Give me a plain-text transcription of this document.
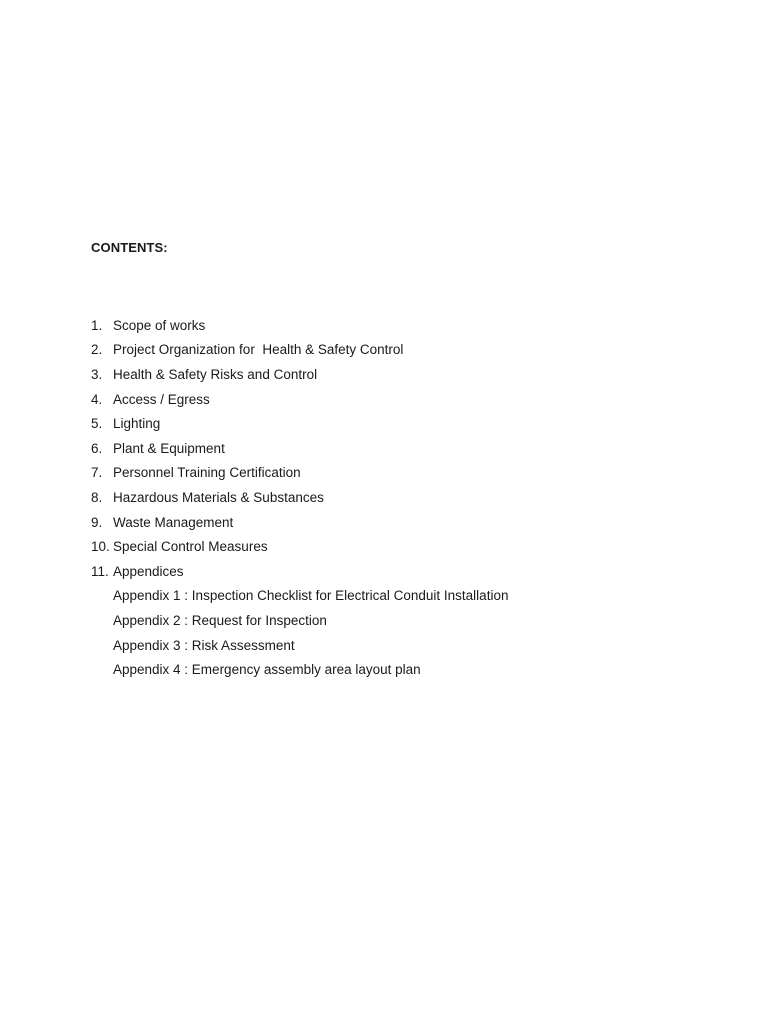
CONTENTS:
1. Scope of works
2. Project Organization for  Health & Safety Control
3. Health & Safety Risks and Control
4. Access / Egress
5. Lighting
6. Plant & Equipment
7. Personnel Training Certification
8. Hazardous Materials & Substances
9. Waste Management
10. Special Control Measures
11. Appendices
Appendix 1 : Inspection Checklist for Electrical Conduit Installation
Appendix 2 : Request for Inspection
Appendix 3 : Risk Assessment
Appendix 4 : Emergency assembly area layout plan
